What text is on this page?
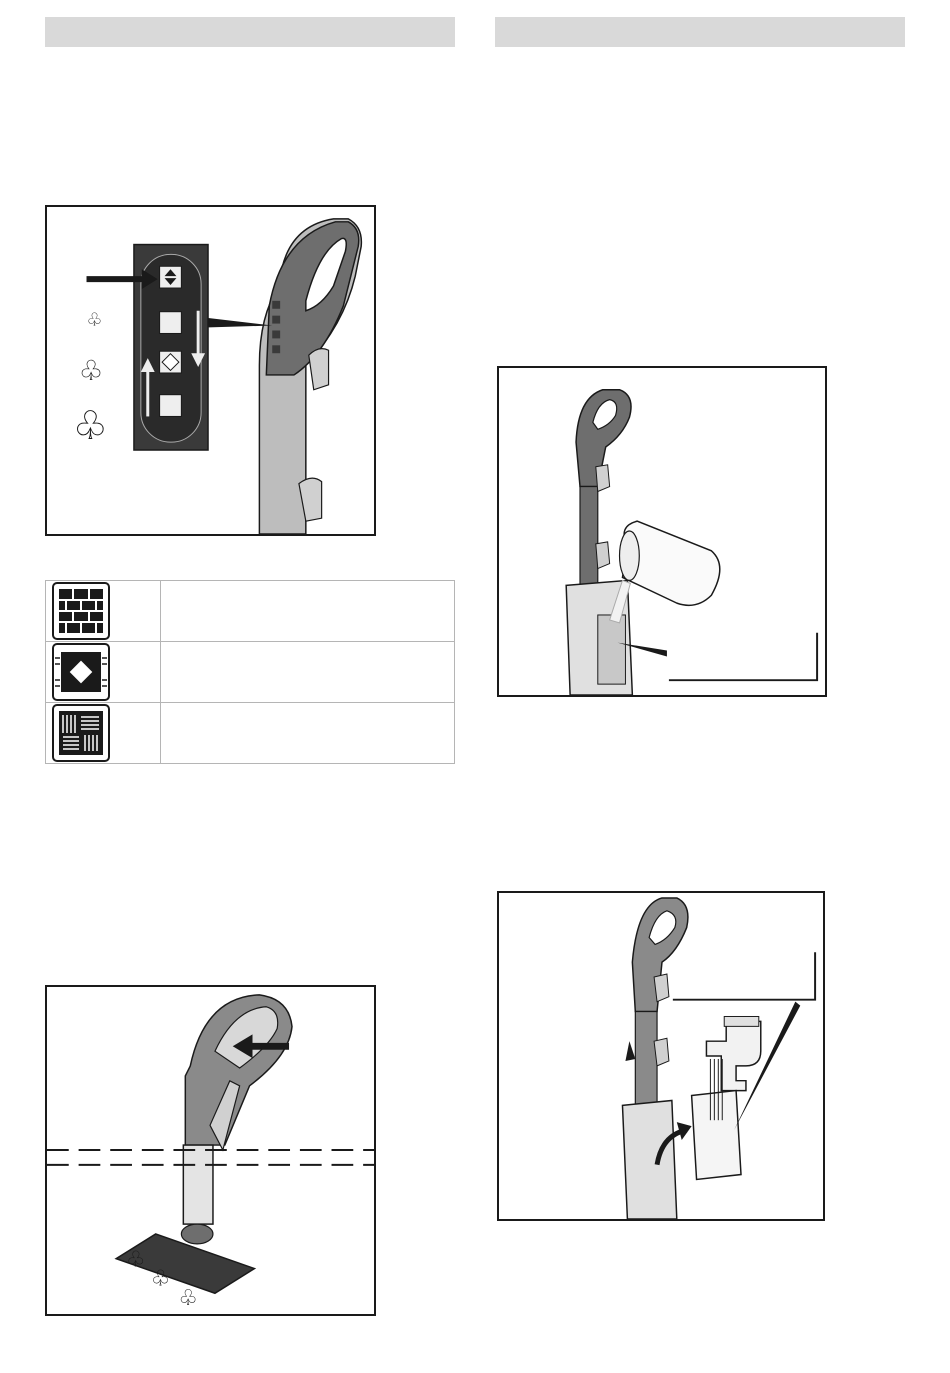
♧
♧
♧

♧
♧
♧
